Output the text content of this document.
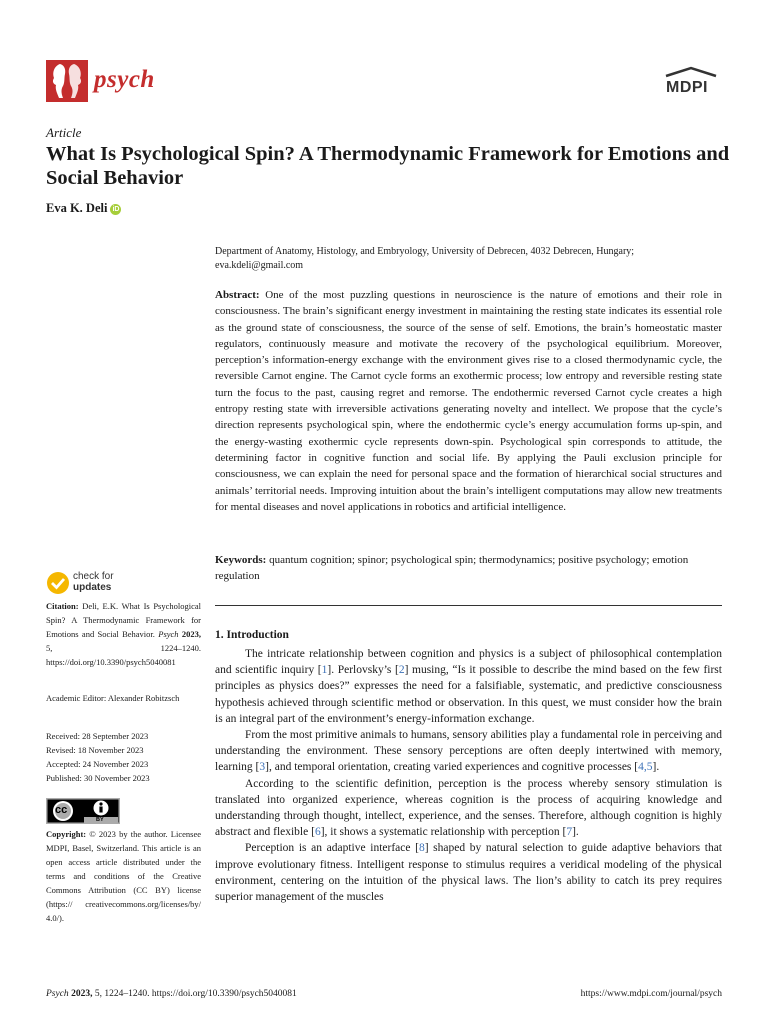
psych	MDPI
Article
What Is Psychological Spin? A Thermodynamic Framework for Emotions and Social Behavior
Eva K. Deli iD
Department of Anatomy, Histology, and Embryology, University of Debrecen, 4032 Debrecen, Hungary;
eva.kdeli@gmail.com
Abstract: One of the most puzzling questions in neuroscience is the nature of emotions and their role in consciousness. The brain’s significant energy investment in maintaining the resting state indicates its essential role as the ground state of consciousness, the source of the sense of self. Emotions, the brain’s homeostatic master regulators, continuously measure and motivate the recovery of the psychological equilibrium. Moreover, perception’s information-energy exchange with the environment gives rise to a closed thermodynamic cycle, the reversible Carnot engine. The Carnot cycle forms an exothermic process; low entropy and reversible resting state turn the focus to the past, causing regret and remorse. The endothermic reversed Carnot cycle creates a high entropy resting state with irreversible activations generating novelty and intellect. We propose that the cycle’s direction represents psychological spin, where the endothermic cycle’s energy accumulation forms up-spin, and the energy-wasting exothermic cycle represents down-spin. Psychological spin corresponds to attitude, the determining factor in cognitive function and social life. By applying the Pauli exclusion principle for consciousness, we can explain the need for personal space and the formation of hierarchical social structures and animals’ territorial needs. Improving intuition about the brain’s intelligent computations may allow new treatments for mental diseases and novel applications in robotics and artificial intelligence.
Keywords: quantum cognition; spinor; psychological spin; thermodynamics; positive psychology; emotion regulation
check for
updates
Citation: Deli, E.K. What Is Psychological Spin? A Thermodynamic Framework for Emotions and Social Behavior. Psych 2023, 5, 1224–1240. https://doi.org/10.3390/psych5040081
Academic Editor: Alexander Robitzsch
Received: 28 September 2023
Revised: 18 November 2023
Accepted: 24 November 2023
Published: 30 November 2023
cc
BY
Copyright: © 2023 by the author. Licensee MDPI, Basel, Switzerland. This article is an open access article distributed under the terms and conditions of the Creative Commons Attribution (CC BY) license (https:// creativecommons.org/licenses/by/ 4.0/).
1. Introduction

The intricate relationship between cognition and physics is a subject of philosophical contemplation and scientific inquiry [1]. Perlovsky’s [2] musing, “Is it possible to describe the mind based on the few first principles as physics does?” expresses the need for a falsifiable, systematic, and predictive consciousness hypothesis achieved through scientific method or observation. In this quest, we must consider how the brain is an integral part of the environment’s energy-information exchange.

From the most primitive animals to humans, sensory abilities play a fundamental role in perceiving and understanding the environment. These sensory perceptions are often deeply intertwined with memory, learning [3], and temporal orientation, creating varied experiences and cognitive processes [4,5].

According to the scientific definition, perception is the process whereby sensory stimulation is translated into organized experience, whereas cognition is the process of acquiring knowledge and understanding through thought, intellect, experience, and the senses. Therefore, although cognition is highly abstract and flexible [6], it shows a systematic relationship with perception [7].

Perception is an adaptive interface [8] shaped by natural selection to guide adaptive behaviors that improve evolutionary fitness. Intelligent response to stimulus requires a veridical modeling of the physical environment, centering on the intuition of the physical laws. The lion’s ability to catch its prey requires superior management of the muscles

Psych 2023, 5, 1224–1240. https://doi.org/10.3390/psych5040081	https://www.mdpi.com/journal/psych
